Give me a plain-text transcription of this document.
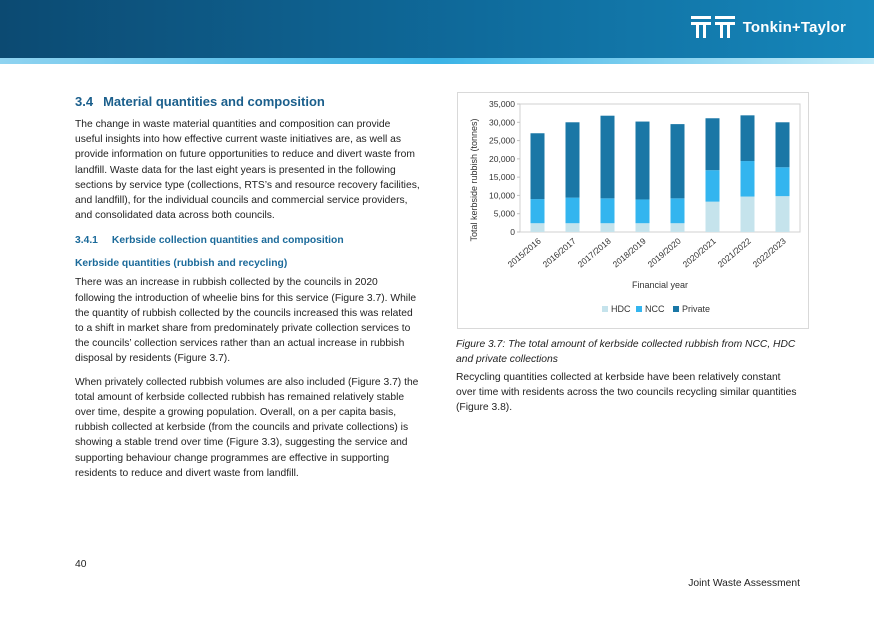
Tonkin+Taylor
3.4 Material quantities and composition

The change in waste material quantities and composition can provide useful insights into how effective current waste initiatives are, as well as provide information on future opportunities to reduce and divert waste from landfill. Waste data for the last eight years is presented in the following sections by service type (collections, RTS’s and resource recovery facilities, and landfill), for the individual councils and commercial service providers, and consolidated data across both councils.

3.4.1 Kerbside collection quantities and composition
Kerbside quantities (rubbish and recycling)

There was an increase in rubbish collected by the councils in 2020 following the introduction of wheelie bins for this service (Figure 3.7). While the quantity of rubbish collected by the councils increased this was related to a shift in market share from predominately private collection services to the councils’ collection services rather than an actual increase in rubbish disposal by residents (Figure 3.7).

When privately collected rubbish volumes are also included (Figure 3.7) the total amount of kerbside collected rubbish has remained relatively stable over time, despite a growing population. Overall, on a per capita basis, rubbish collected at kerbside (from the councils and private collections) is showing a stable trend over time (Figure 3.3), suggesting the service and supporting behaviour change programmes are effective in supporting residents to reduce and divert waste from landfill.

0
5,000
10,000
15,000
20,000
25,000
30,000
35,000
2015/2016
2016/2017
2017/2018
2018/2019
2019/2020
2020/2021
2021/2022
2022/2023
Financial year
Total kerbside rubbish (tonnes)
HDC NCC Private

Figure 3.7: The total amount of kerbside collected rubbish from NCC, HDC and private collections

Recycling quantities collected at kerbside have been relatively constant over time with residents across the two councils recycling similar quantities (Figure 3.8).

40
Joint Waste Assessment
